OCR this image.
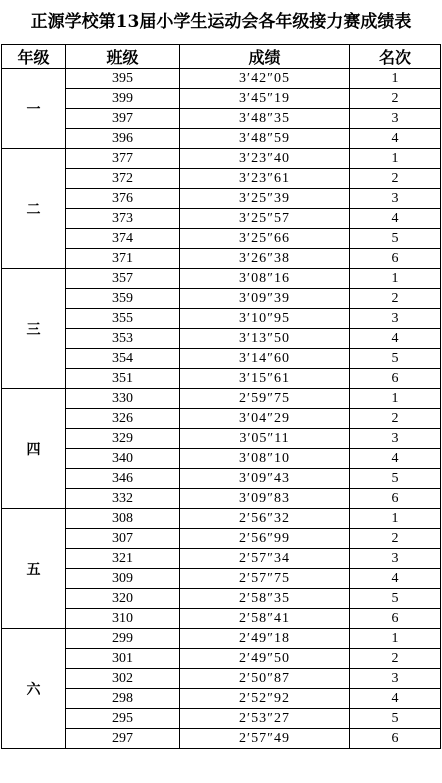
正源学校第13届小学生运动会各年级接力赛成绩表
年级	班级	成绩	名次
一	395	3′42″05	1
	399	3′45″19	2
	397	3′48″35	3
	396	3′48″59	4
二	377	3′23″40	1
	372	3′23″61	2
	376	3′25″39	3
	373	3′25″57	4
	374	3′25″66	5
	371	3′26″38	6
三	357	3′08″16	1
	359	3′09″39	2
	355	3′10″95	3
	353	3′13″50	4
	354	3′14″60	5
	351	3′15″61	6
四	330	2′59″75	1
	326	3′04″29	2
	329	3′05″11	3
	340	3′08″10	4
	346	3′09″43	5
	332	3′09″83	6
五	308	2′56″32	1
	307	2′56″99	2
	321	2′57″34	3
	309	2′57″75	4
	320	2′58″35	5
	310	2′58″41	6
六	299	2′49″18	1
	301	2′49″50	2
	302	2′50″87	3
	298	2′52″92	4
	295	2′53″27	5
	297	2′57″49	6
